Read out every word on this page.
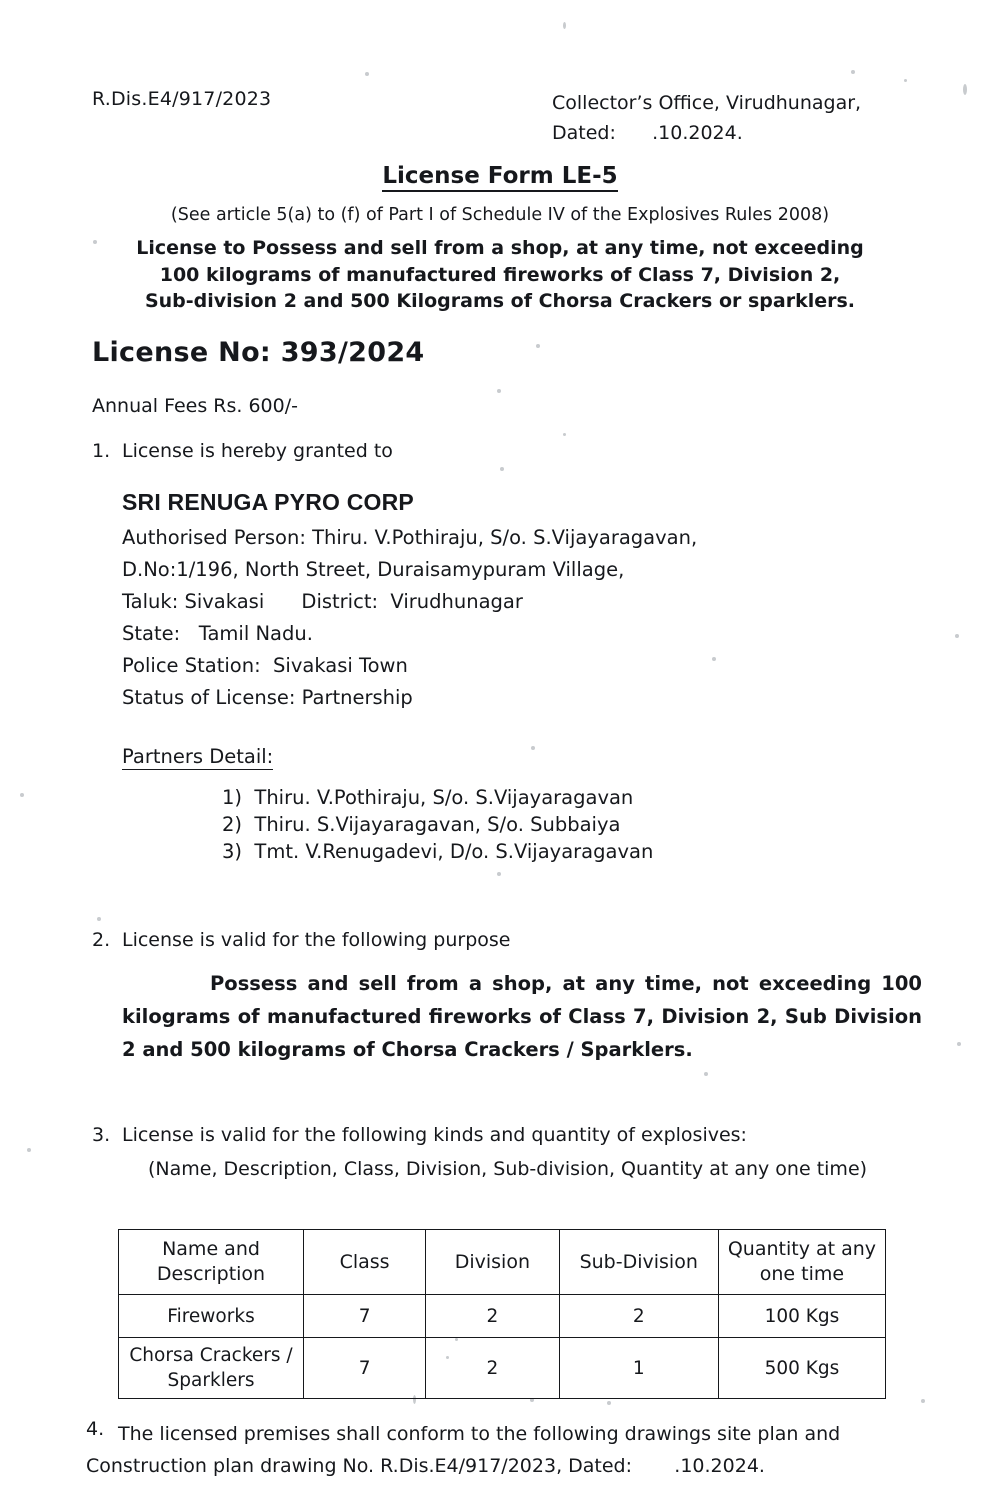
R.Dis.E4/917/2023	Collector’s Office, Virudhunagar,
Dated:      .10.2024.
License Form LE-5
(See article 5(a) to (f) of Part I of Schedule IV of the Explosives Rules 2008)
License to Possess and sell from a shop, at any time, not exceeding
100 kilograms of manufactured fireworks of Class 7, Division 2,
Sub-division 2 and 500 Kilograms of Chorsa Crackers or sparklers.
License No: 393/2024
Annual Fees Rs. 600/-
1. License is hereby granted to
SRI RENUGA PYRO CORP
Authorised Person: Thiru. V.Pothiraju, S/o. S.Vijayaragavan,
D.No:1/196, North Street, Duraisamypuram Village,
Taluk: Sivakasi      District:  Virudhunagar
State:   Tamil Nadu.
Police Station:  Sivakasi Town
Status of License: Partnership
Partners Detail:
1)  Thiru. V.Pothiraju, S/o. S.Vijayaragavan
2)  Thiru. S.Vijayaragavan, S/o. Subbaiya
3)  Tmt. V.Renugadevi, D/o. S.Vijayaragavan
2. License is valid for the following purpose
Possess and sell from a shop, at any time, not exceeding 100 kilograms of manufactured fireworks of Class 7, Division 2, Sub Division 2 and 500 kilograms of Chorsa Crackers / Sparklers.
3. License is valid for the following kinds and quantity of explosives:
(Name, Description, Class, Division, Sub-division, Quantity at any one time)
Name and Description	Class	Division	Sub-Division	Quantity at any one time
Fireworks	7	2	2	100 Kgs
Chorsa Crackers / Sparklers	7	2	1	500 Kgs
4. The licensed premises shall conform to the following drawings site plan and
Construction plan drawing No. R.Dis.E4/917/2023, Dated:       .10.2024.
